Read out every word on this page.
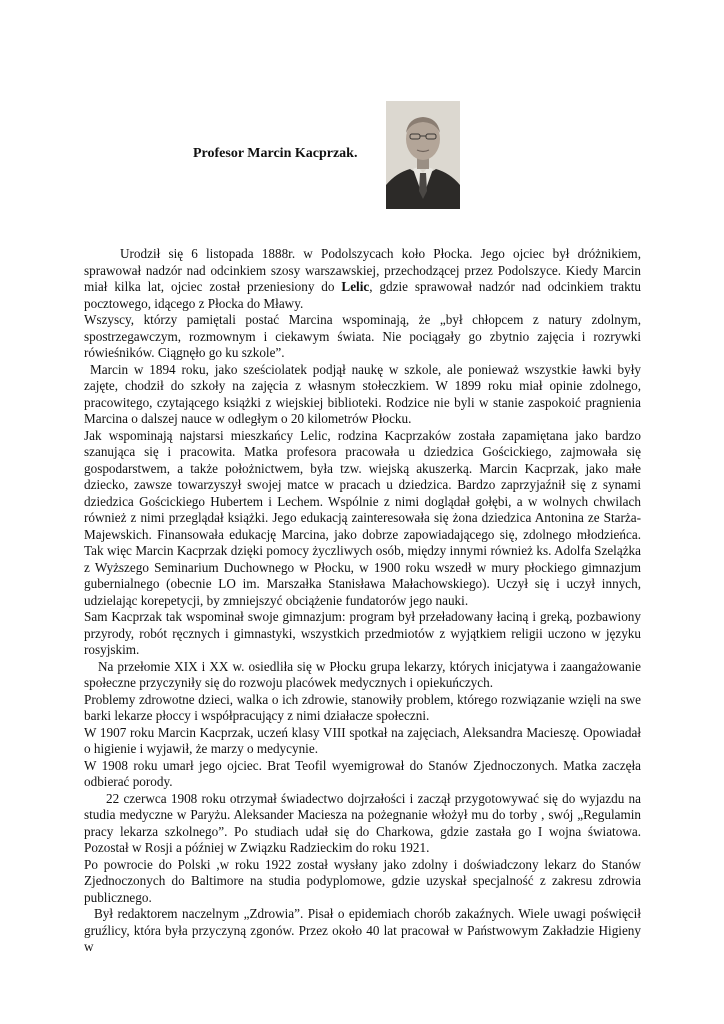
Profesor Marcin Kacprzak.

Urodził się 6 listopada 1888r. w Podolszycach koło Płocka. Jego ojciec był dróżnikiem, sprawował nadzór nad odcinkiem szosy warszawskiej, przechodzącej przez Podolszyce. Kiedy Marcin miał kilka lat, ojciec został przeniesiony do Lelic, gdzie sprawował nadzór nad odcinkiem traktu pocztowego, idącego z Płocka do Mławy.

Wszyscy, którzy pamiętali postać Marcina wspominają, że „był chłopcem z natury zdolnym, spostrzegawczym, rozmownym i ciekawym świata. Nie pociągały go zbytnio zajęcia i rozrywki rówieśników. Ciągnęło go ku szkole”.

Marcin w 1894 roku, jako sześciolatek podjął naukę w szkole, ale ponieważ wszystkie ławki były zajęte, chodził do szkoły na zajęcia z własnym stołeczkiem. W 1899 roku miał opinie zdolnego, pracowitego, czytającego książki z wiejskiej biblioteki. Rodzice nie byli w stanie zaspokoić pragnienia Marcina o dalszej nauce w odległym o 20 kilometrów Płocku.

Jak wspominają najstarsi mieszkańcy Lelic, rodzina Kacprzaków została zapamiętana jako bardzo szanująca się i pracowita. Matka profesora pracowała u dziedzica Gościckiego, zajmowała się gospodarstwem, a także położnictwem, była tzw. wiejską akuszerką. Marcin Kacprzak, jako małe dziecko, zawsze towarzyszył swojej matce w pracach u dziedzica. Bardzo zaprzyjaźnił się z synami dziedzica Gościckiego Hubertem i Lechem. Wspólnie z nimi doglądał gołębi, a w wolnych chwilach również z nimi przeglądał książki. Jego edukacją zainteresowała się żona dziedzica Antonina ze Starża-Majewskich. Finansowała edukację Marcina, jako dobrze zapowiadającego się, zdolnego młodzieńca. Tak więc Marcin Kacprzak dzięki pomocy życzliwych osób, między innymi również ks. Adolfa Szelążka z Wyższego Seminarium Duchownego w Płocku, w 1900 roku wszedł w mury płockiego gimnazjum gubernialnego (obecnie LO im. Marszałka Stanisława Małachowskiego). Uczył się i uczył innych, udzielając korepetycji, by zmniejszyć obciążenie fundatorów jego nauki.

Sam Kacprzak tak wspominał swoje gimnazjum: program był przeładowany łaciną i greką, pozbawiony przyrody, robót ręcznych i gimnastyki, wszystkich przedmiotów z wyjątkiem religii uczono w języku rosyjskim.

Na przełomie XIX i XX w. osiedliła się w Płocku grupa lekarzy, których inicjatywa i zaangażowanie społeczne przyczyniły się do rozwoju placówek medycznych i opiekuńczych.

Problemy zdrowotne dzieci, walka o ich zdrowie, stanowiły problem, którego rozwiązanie wzięli na swe barki lekarze płoccy i współpracujący z nimi działacze społeczni.

W 1907 roku Marcin Kacprzak, uczeń klasy VIII spotkał na zajęciach, Aleksandra Macieszę. Opowiadał o higienie i wyjawił, że marzy o medycynie.

W 1908 roku umarł jego ojciec. Brat Teofil wyemigrował do Stanów Zjednoczonych. Matka zaczęła odbierać porody.

22 czerwca 1908 roku otrzymał świadectwo dojrzałości i zaczął przygotowywać się do wyjazdu na studia medyczne w Paryżu. Aleksander Maciesza na pożegnanie włożył mu do torby , swój „Regulamin pracy lekarza szkolnego”. Po studiach udał się do Charkowa, gdzie zastała go I wojna światowa. Pozostał w Rosji a później w Związku Radzieckim do roku 1921.

Po powrocie do Polski ,w roku 1922 został wysłany jako zdolny i doświadczony lekarz do Stanów Zjednoczonych do Baltimore na studia podyplomowe, gdzie uzyskał specjalność z zakresu zdrowia publicznego.

Był redaktorem naczelnym „Zdrowia”. Pisał o epidemiach chorób zakaźnych. Wiele uwagi poświęcił gruźlicy, która była przyczyną zgonów. Przez około 40 lat pracował w Państwowym Zakładzie Higieny w
